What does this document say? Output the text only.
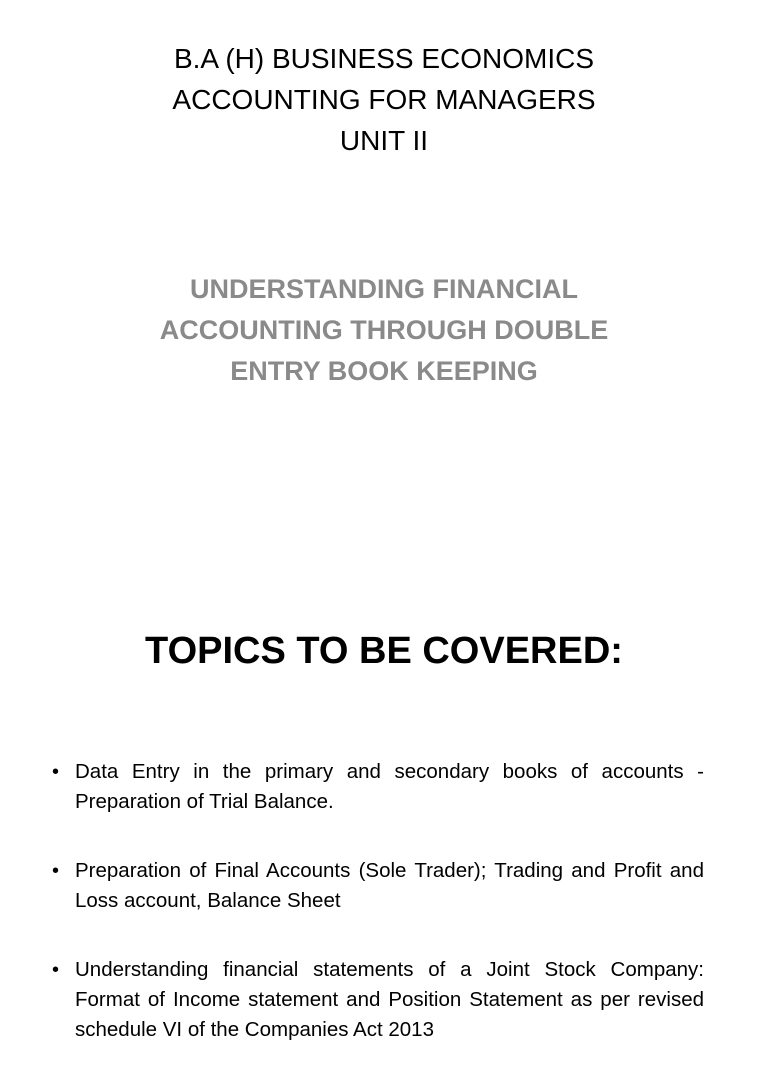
B.A (H) BUSINESS ECONOMICS
ACCOUNTING FOR MANAGERS
UNIT II
UNDERSTANDING FINANCIAL
ACCOUNTING THROUGH DOUBLE
ENTRY BOOK KEEPING
TOPICS TO BE COVERED:
• Data Entry in the primary and secondary books of accounts - Preparation of Trial Balance.
• Preparation of Final Accounts (Sole Trader); Trading and Profit and Loss account, Balance Sheet
• Understanding financial statements of a Joint Stock Company: Format of Income statement and Position Statement as per revised schedule VI of the Companies Act 2013
